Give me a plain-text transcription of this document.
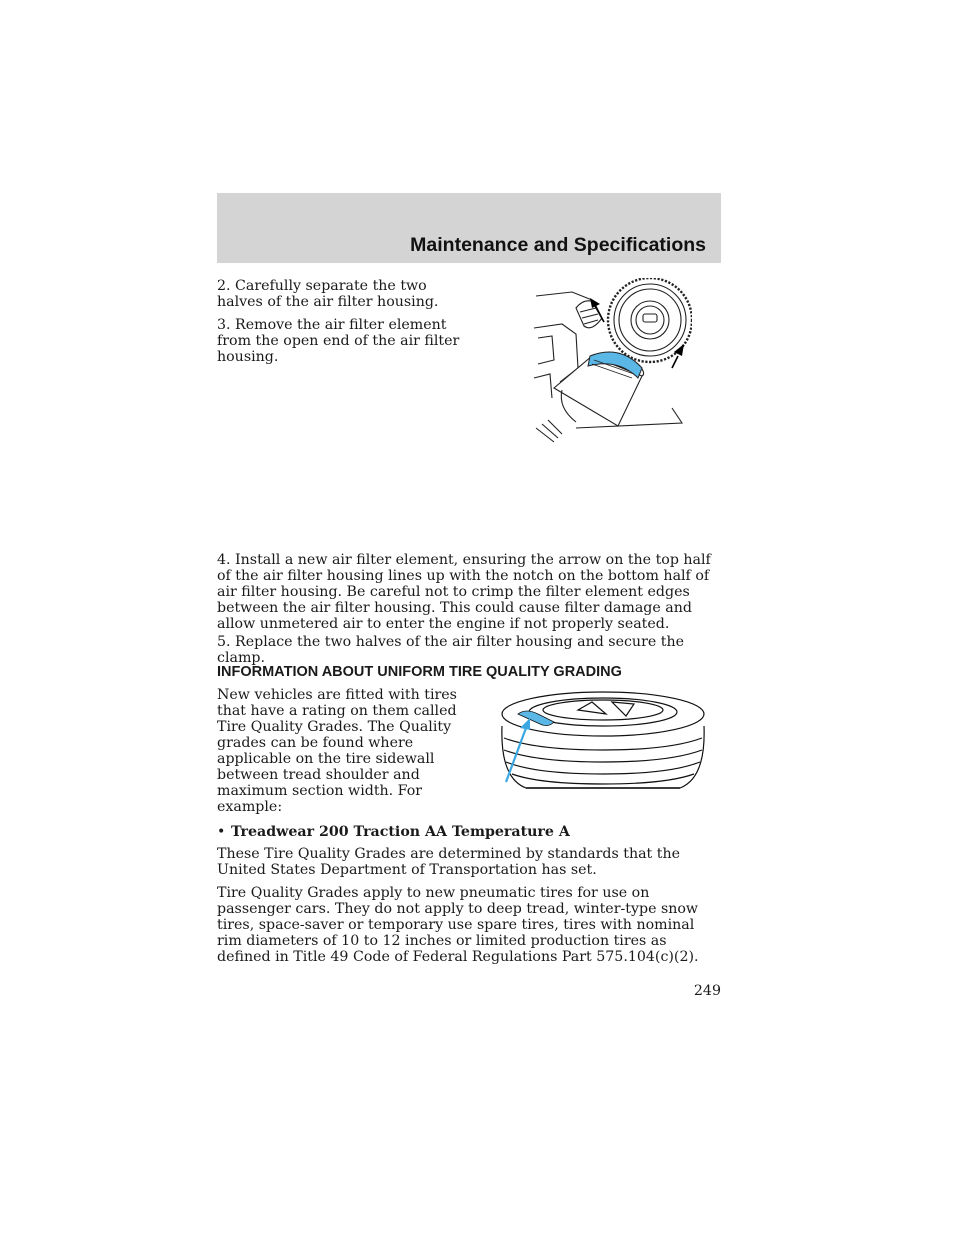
Maintenance and Specifications

2. Carefully separate the two halves of the air filter housing.

3. Remove the air filter element from the open end of the air filter housing.

4. Install a new air filter element, ensuring the arrow on the top half of the air filter housing lines up with the notch on the bottom half of air filter housing. Be careful not to crimp the filter element edges between the air filter housing. This could cause filter damage and allow unmetered air to enter the engine if not properly seated.

5. Replace the two halves of the air filter housing and secure the clamp.

INFORMATION ABOUT UNIFORM TIRE QUALITY GRADING

New vehicles are fitted with tires that have a rating on them called Tire Quality Grades. The Quality grades can be found where applicable on the tire sidewall between tread shoulder and maximum section width. For example:

• Treadwear 200 Traction AA Temperature A

These Tire Quality Grades are determined by standards that the United States Department of Transportation has set.

Tire Quality Grades apply to new pneumatic tires for use on passenger cars. They do not apply to deep tread, winter-type snow tires, space-saver or temporary use spare tires, tires with nominal rim diameters of 10 to 12 inches or limited production tires as defined in Title 49 Code of Federal Regulations Part 575.104(c)(2).

249
